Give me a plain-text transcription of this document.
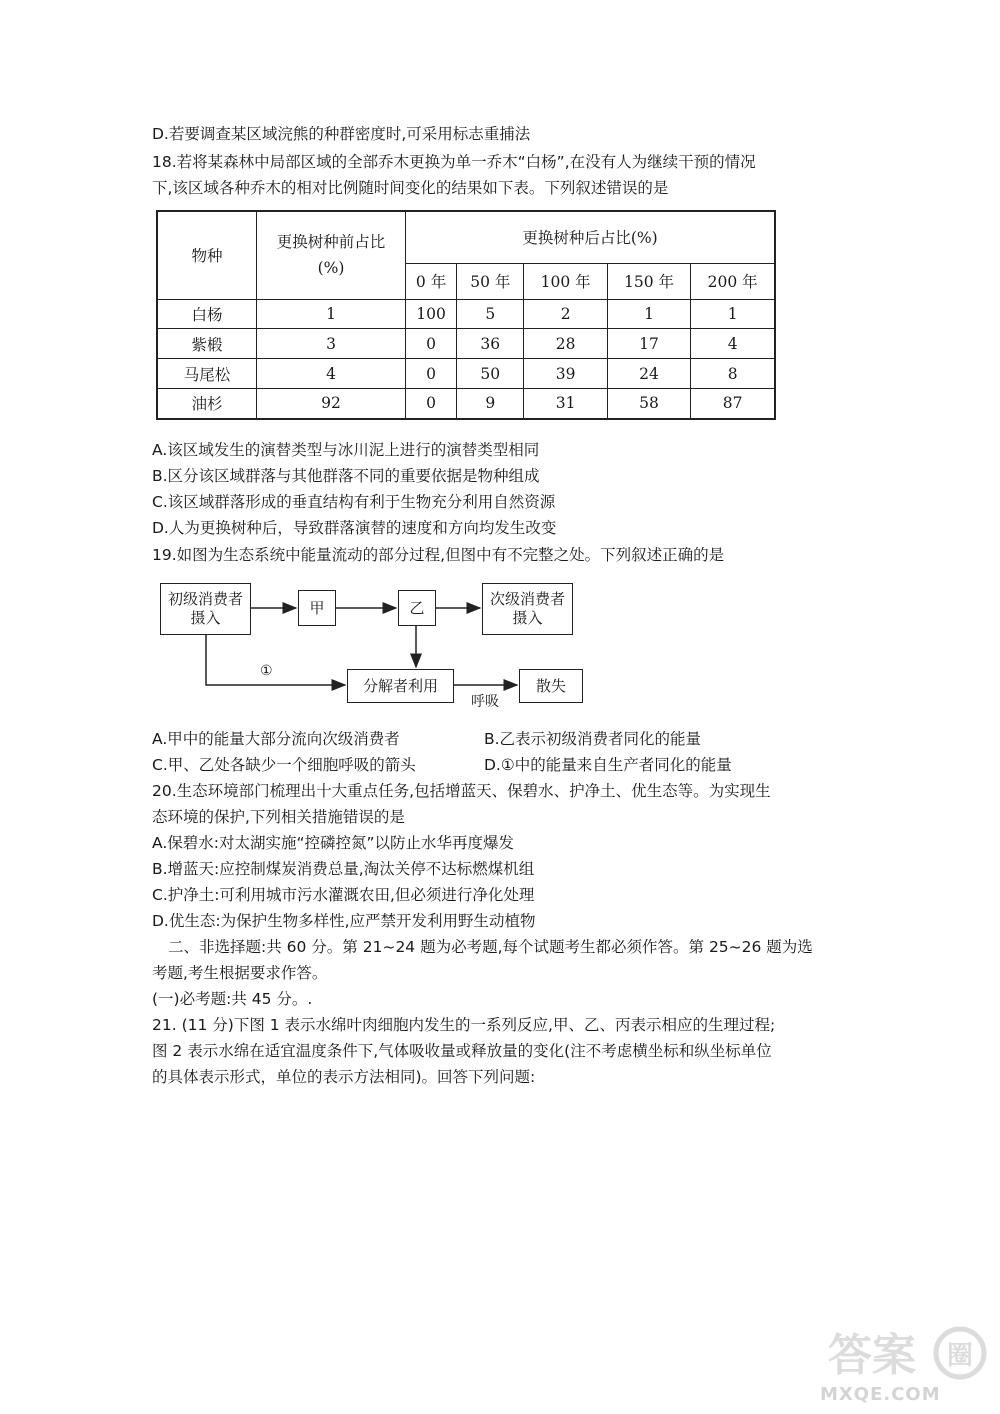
D.若要调查某区域浣熊的种群密度时,可采用标志重捕法
18.若将某森林中局部区域的全部乔木更换为单一乔木“白杨”,在没有人为继续干预的情况
下,该区域各种乔木的相对比例随时间变化的结果如下表。下列叙述错误的是
物种	更换树种前占比(%)	更换树种后占比(%)				
		0 年	50 年	100 年	150 年	200 年
白杨	1	100	5	2	1	1
紫椴	3	0	36	28	17	4
马尾松	4	0	50	39	24	8
油杉	92	0	9	31	58	87
A.该区域发生的演替类型与冰川泥上进行的演替类型相同
B.区分该区域群落与其他群落不同的重要依据是物种组成
C.该区域群落形成的垂直结构有利于生物充分利用自然资源
D.人为更换树种后，导致群落演替的速度和方向均发生改变
19.如图为生态系统中能量流动的部分过程,但图中有不完整之处。下列叙述正确的是
初级消费者摄入
甲	乙	次级消费者摄入
分解者利用	散失
①
呼吸
A.甲中的能量大部分流向次级消费者	B.乙表示初级消费者同化的能量
C.甲、乙处各缺少一个细胞呼吸的箭头	D.①中的能量来自生产者同化的能量
20.生态环境部门梳理出十大重点任务,包括增蓝天、保碧水、护净土、优生态等。为实现生
态环境的保护,下列相关措施错误的是
A.保碧水:对太湖实施“控磷控氮”以防止水华再度爆发
B.增蓝天:应控制煤炭消费总量,淘汰关停不达标燃煤机组
C.护净土:可利用城市污水灌溉农田,但必须进行净化处理
D.优生态:为保护生物多样性,应严禁开发利用野生动植物
二、非选择题:共 60 分。第 21~24 题为必考题,每个试题考生都必须作答。第 25~26 题为选
考题,考生根据要求作答。
(一)必考题:共 45 分。.
21. (11 分)下图 1 表示水绵叶肉细胞内发生的一系列反应,甲、乙、丙表示相应的生理过程;
图 2 表示水绵在适宜温度条件下,气体吸收量或释放量的变化(注不考虑横坐标和纵坐标单位
的具体表示形式，单位的表示方法相同)。回答下列问题:
答案 圈
MXQE.COM
